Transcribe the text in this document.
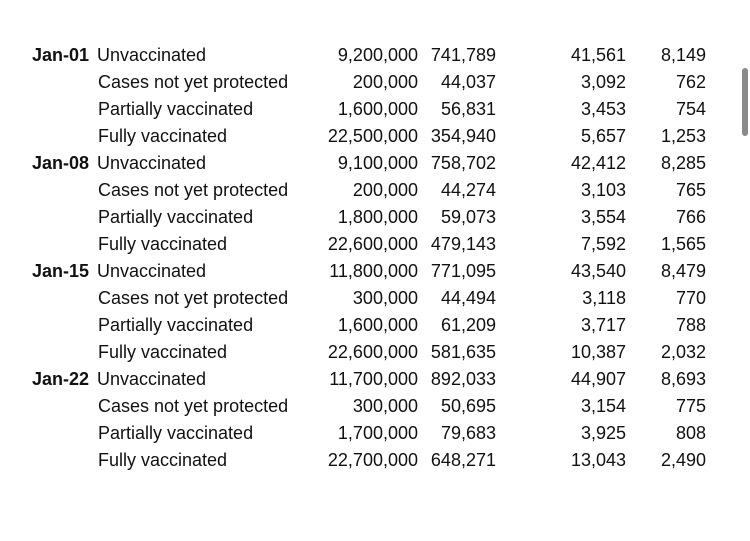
Jan-01 Unvaccinated	9,200,000 741,789	41,561 8,149
Cases not yet protected	200,000 44,037	3,092	762
Partially vaccinated	1,600,000 56,831	3,453	754
Fully vaccinated	22,500,000 354,940	5,657 1,253
Jan-08 Unvaccinated	9,100,000 758,702	42,412 8,285
Cases not yet protected	200,000 44,274	3,103	765
Partially vaccinated	1,800,000 59,073	3,554	766
Fully vaccinated	22,600,000 479,143	7,592 1,565
Jan-15 Unvaccinated	11,800,000 771,095	43,540 8,479
Cases not yet protected	300,000 44,494	3,118	770
Partially vaccinated	1,600,000 61,209	3,717	788
Fully vaccinated	22,600,000 581,635	10,387 2,032
Jan-22 Unvaccinated	11,700,000 892,033	44,907 8,693
Cases not yet protected	300,000 50,695	3,154	775
Partially vaccinated	1,700,000 79,683	3,925	808
Fully vaccinated	22,700,000 648,271	13,043 2,490
